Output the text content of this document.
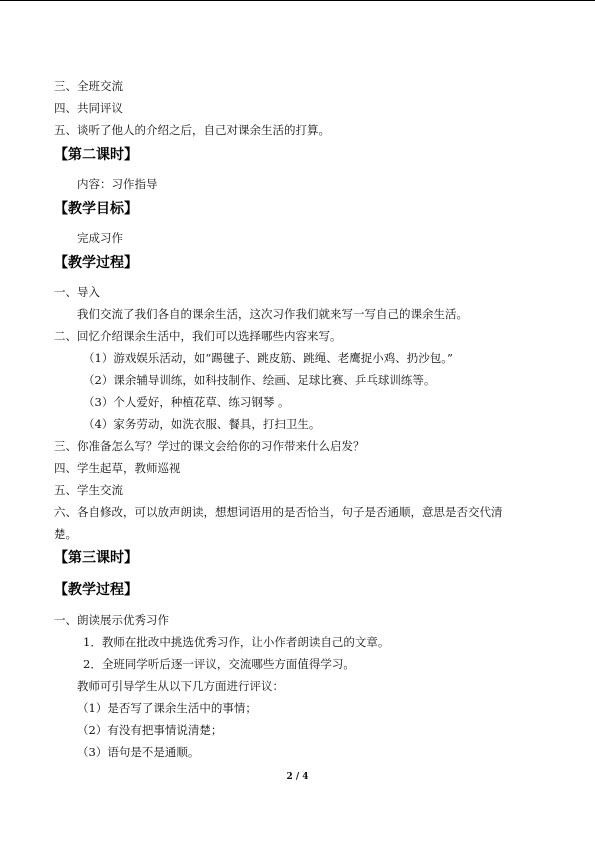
三、全班交流
四、共同评议
五、谈听了他人的介绍之后，自己对课余生活的打算。
【第二课时】
内容：习作指导
【教学目标】
完成习作
【教学过程】
一、导入
我们交流了我们各自的课余生活，这次习作我们就来写一写自己的课余生活。
二、回忆介绍课余生活中，我们可以选择哪些内容来写。
（1）游戏娱乐活动，如“踢毽子、跳皮筋、跳绳、老鹰捉小鸡、扔沙包。”
（2）课余辅导训练，如科技制作、绘画、足球比赛、乒乓球训练等。
（3）个人爱好，种植花草、练习钢琴 。
（4）家务劳动，如洗衣服、餐具，打扫卫生。
三、你准备怎么写？学过的课文会给你的习作带来什么启发？
四、学生起草，教师巡视
五、学生交流
六、各自修改，可以放声朗读，想想词语用的是否恰当，句子是否通顺，意思是否交代清
楚。
【第三课时】
【教学过程】
一、朗读展示优秀习作
1．教师在批改中挑选优秀习作，让小作者朗读自己的文章。
2．全班同学听后逐一评议，交流哪些方面值得学习。
教师可引导学生从以下几方面进行评议：
（1）是否写了课余生活中的事情；
（2）有没有把事情说清楚；
（3）语句是不是通顺。
2 / 4
